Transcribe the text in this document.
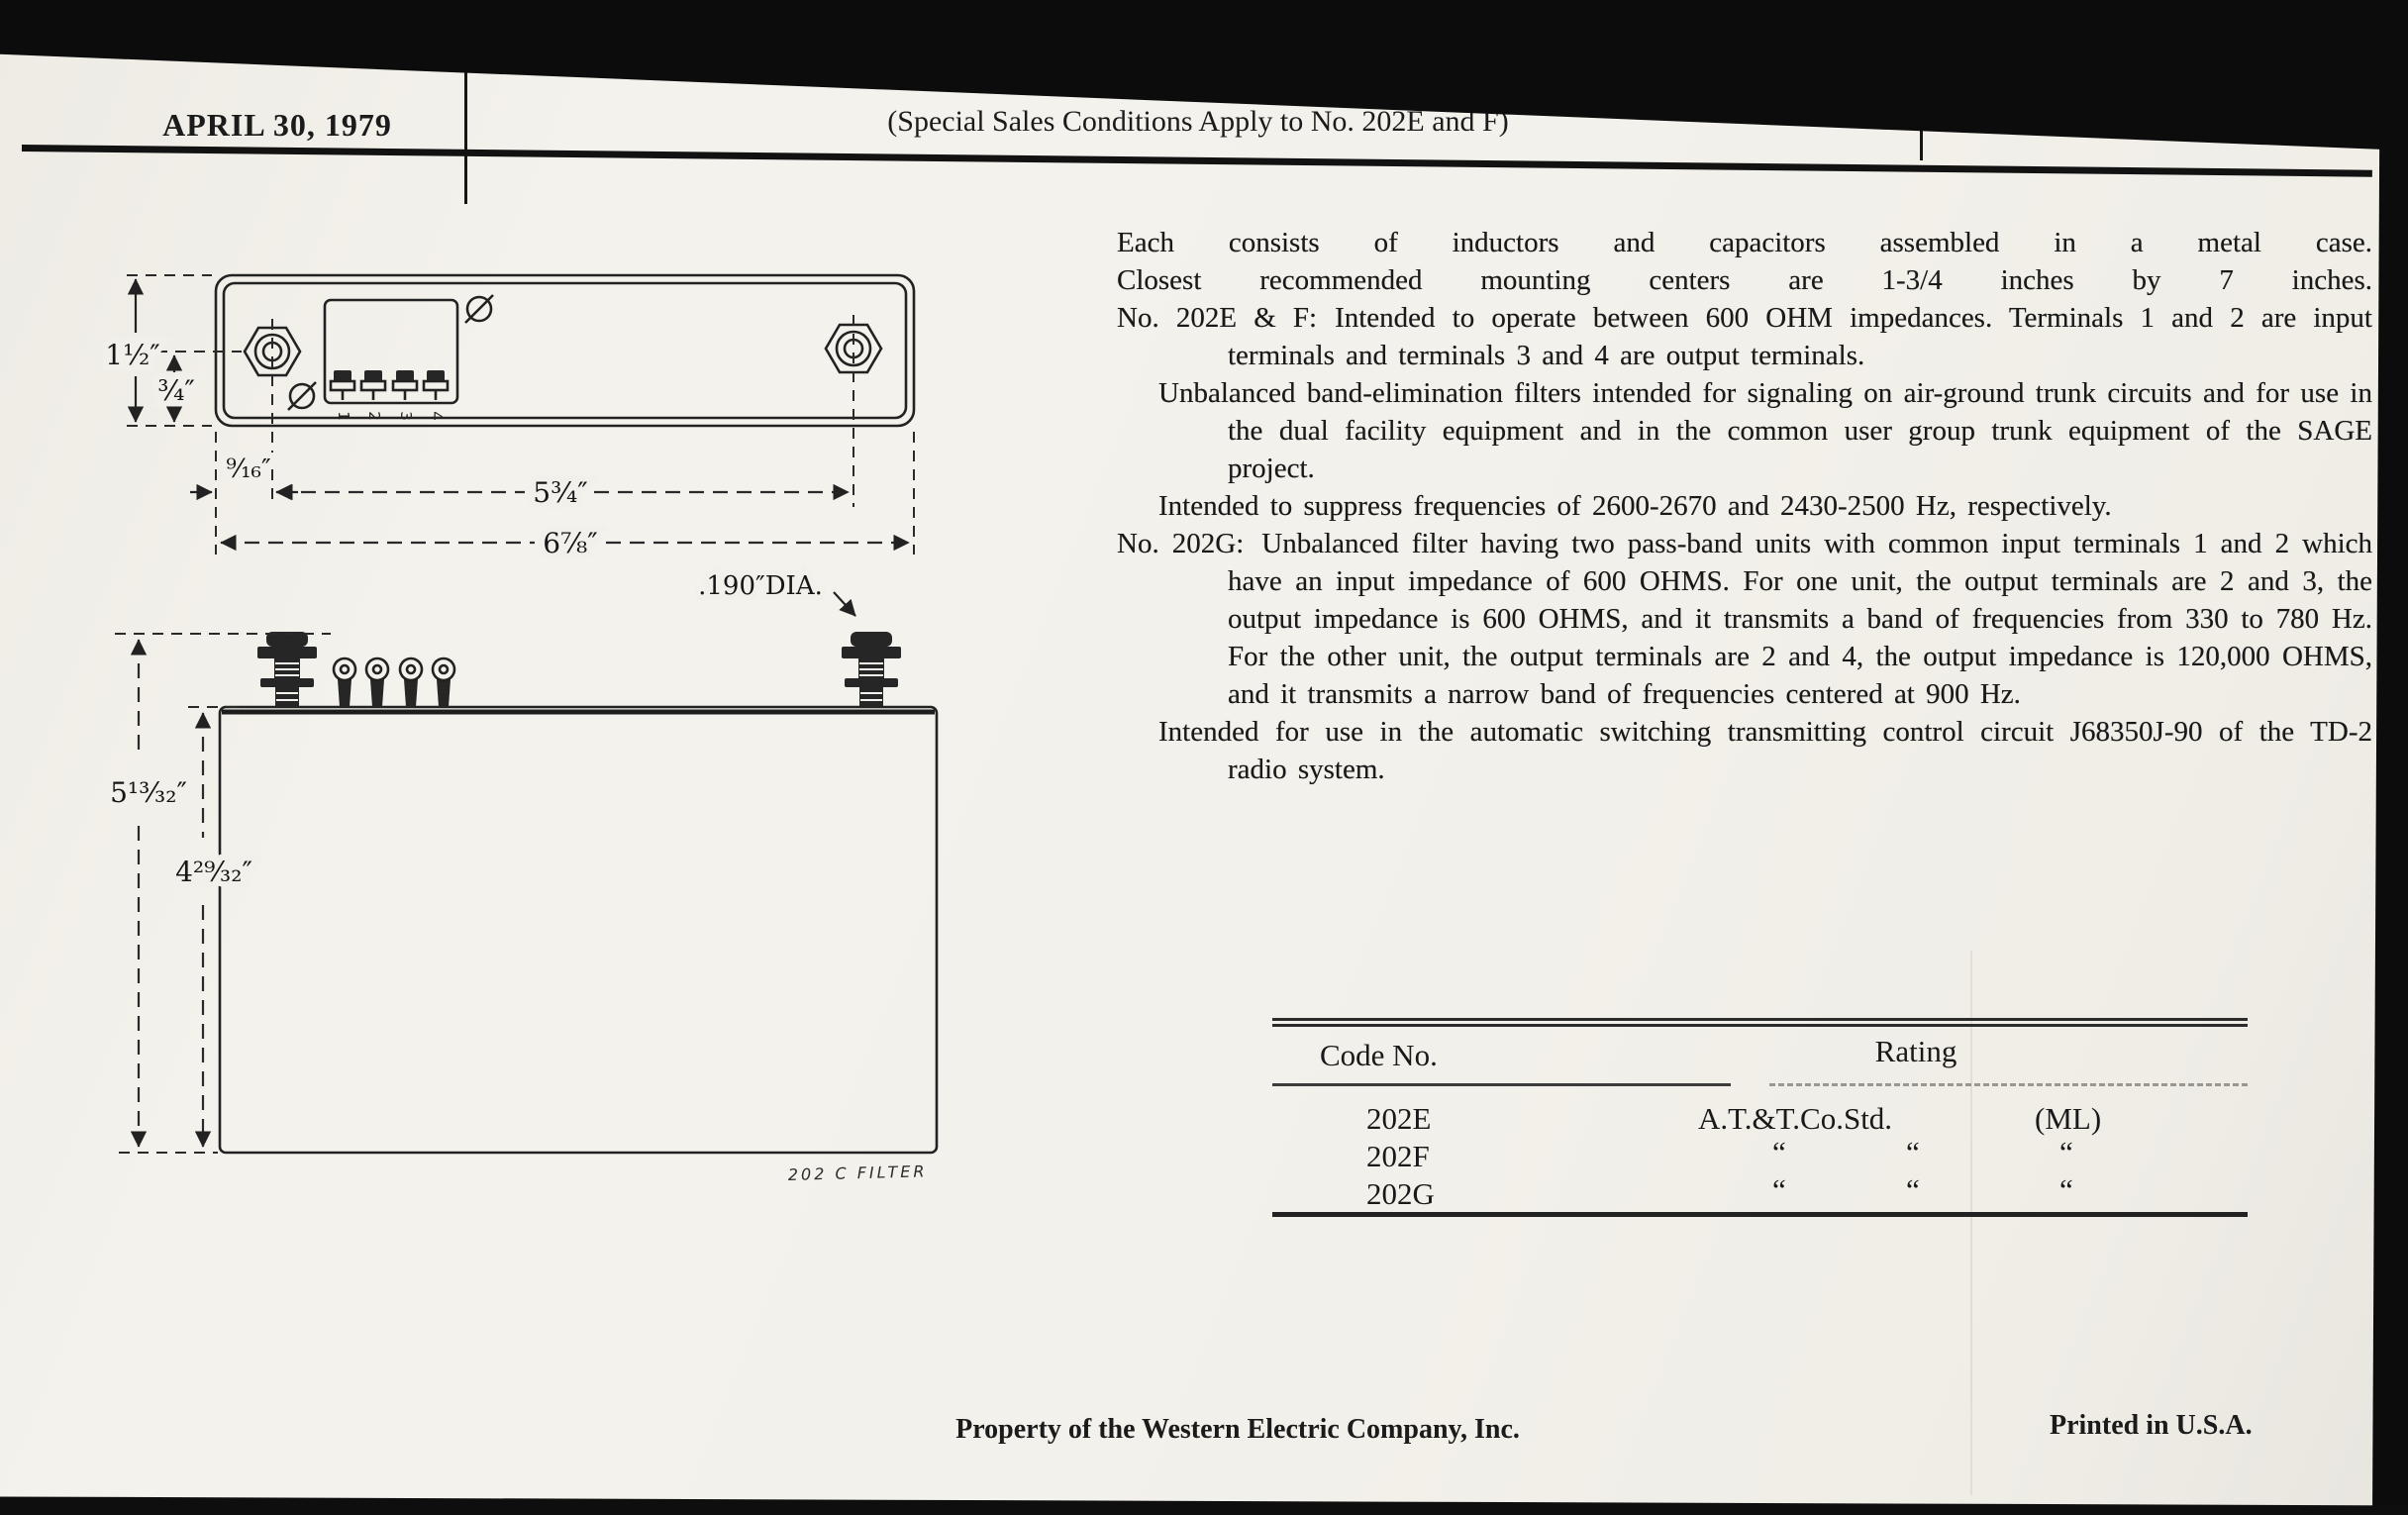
1 2 3 4
1½″
¾″
⁹⁄₁₆″
5¾″
6⅞″
.190″DIA.
5¹³⁄₃₂″
4²⁹⁄₃₂″
202 C FILTER
APRIL 30, 1979	(Special Sales Conditions Apply to No. 202E and F)
Each consists of inductors and capacitors assembled in a metal case.
Closest recommended mounting centers are 1-3/4 inches by 7 inches.
No. 202E & F: Intended to operate between 600 OHM impedances. Terminals 1 and 2 are input terminals and terminals 3 and 4 are output terminals.
Unbalanced band-elimination filters intended for signaling on air-ground trunk circuits and for use in the dual facility equipment and in the common user group trunk equipment of the SAGE project.
Intended to suppress frequencies of 2600-2670 and 2430-2500 Hz, respectively.
No. 202G: Unbalanced filter having two pass-band units with common input terminals 1 and 2 which have an input impedance of 600 OHMS. For one unit, the output terminals are 2 and 3, the output impedance is 600 OHMS, and it transmits a band of frequencies from 330 to 780 Hz. For the other unit, the output terminals are 2 and 4, the output impedance is 120,000 OHMS, and it transmits a narrow band of frequencies centered at 900 Hz.
Intended for use in the automatic switching transmitting control circuit J68350J-90 of the TD-2 radio system.
Code No.	Rating
202E	A.T.&T.Co.Std.	(ML)
202F	“	“	“
202G	“	“	“
Property of the Western Electric Company, Inc.	Printed in U.S.A.
